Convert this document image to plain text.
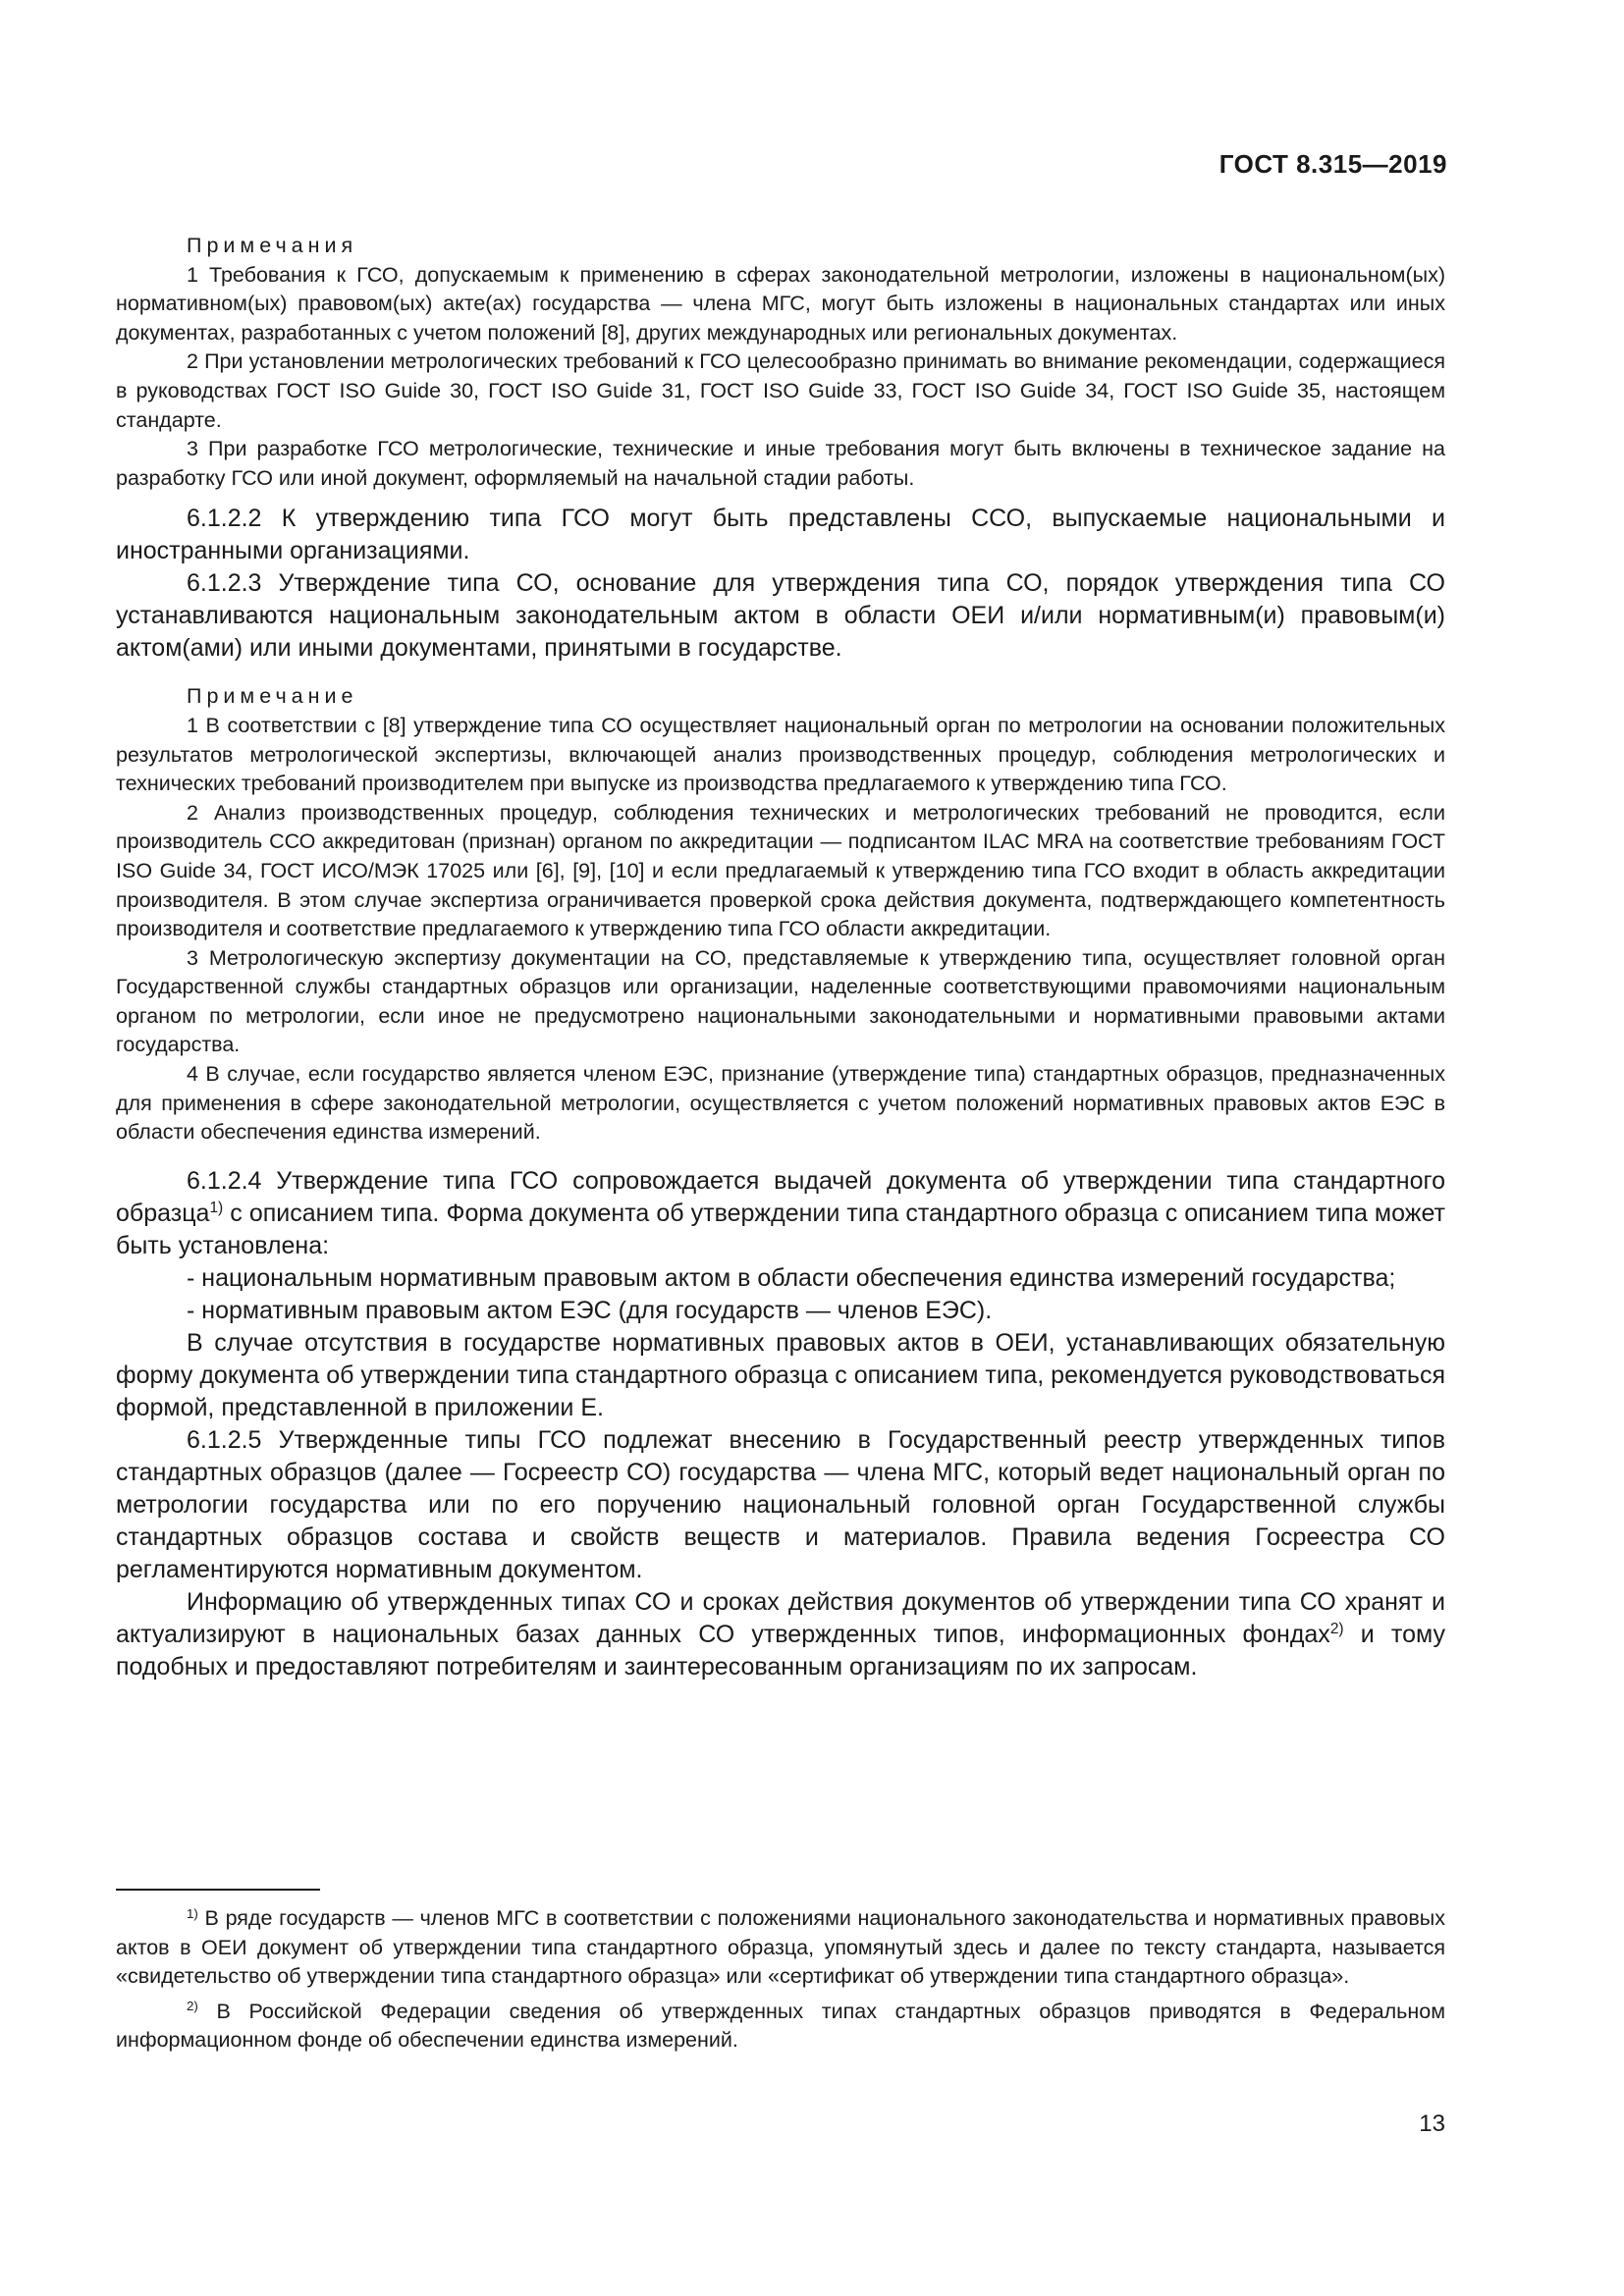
ГОСТ 8.315—2019
Примечания

1 Требования к ГСО, допускаемым к применению в сферах законодательной метрологии, изложены в национальном(ых) нормативном(ых) правовом(ых) акте(ах) государства — члена МГС, могут быть изложены в национальных стандартах или иных документах, разработанных с учетом положений [8], других международных или региональных документах.

2 При установлении метрологических требований к ГСО целесообразно принимать во внимание рекомендации, содержащиеся в руководствах ГОСТ ISO Guide 30, ГОСТ ISO Guide 31, ГОСТ ISO Guide 33, ГОСТ ISO Guide 34, ГОСТ ISO Guide 35, настоящем стандарте.

3 При разработке ГСО метрологические, технические и иные требования могут быть включены в техническое задание на разработку ГСО или иной документ, оформляемый на начальной стадии работы.

6.1.2.2 К утверждению типа ГСО могут быть представлены ССО, выпускаемые национальными и иностранными организациями.

6.1.2.3 Утверждение типа СО, основание для утверждения типа СО, порядок утверждения типа СО устанавливаются национальным законодательным актом в области ОЕИ и/или нормативным(и) правовым(и) актом(ами) или иными документами, принятыми в государстве.

Примечание

1 В соответствии с [8] утверждение типа СО осуществляет национальный орган по метрологии на основании положительных результатов метрологической экспертизы, включающей анализ производственных процедур, соблюдения метрологических и технических требований производителем при выпуске из производства предлагаемого к утверждению типа ГСО.

2 Анализ производственных процедур, соблюдения технических и метрологических требований не проводится, если производитель ССО аккредитован (признан) органом по аккредитации — подписантом ILAC MRA на соответствие требованиям ГОСТ ISO Guide 34, ГОСТ ИСО/МЭК 17025 или [6], [9], [10] и если предлагаемый к утверждению типа ГСО входит в область аккредитации производителя. В этом случае экспертиза ограничивается проверкой срока действия документа, подтверждающего компетентность производителя и соответствие предлагаемого к утверждению типа ГСО области аккредитации.

3 Метрологическую экспертизу документации на СО, представляемые к утверждению типа, осуществляет головной орган Государственной службы стандартных образцов или организации, наделенные соответствующими правомочиями национальным органом по метрологии, если иное не предусмотрено национальными законодательными и нормативными правовыми актами государства.

4 В случае, если государство является членом ЕЭС, признание (утверждение типа) стандартных образцов, предназначенных для применения в сфере законодательной метрологии, осуществляется с учетом положений нормативных правовых актов ЕЭС в области обеспечения единства измерений.

6.1.2.4 Утверждение типа ГСО сопровождается выдачей документа об утверждении типа стандартного образца$^{1)}$ с описанием типа. Форма документа об утверждении типа стандартного образца с описанием типа может быть установлена:

- национальным нормативным правовым актом в области обеспечения единства измерений государства;

- нормативным правовым актом ЕЭС (для государств — членов ЕЭС).

В случае отсутствия в государстве нормативных правовых актов в ОЕИ, устанавливающих обязательную форму документа об утверждении типа стандартного образца с описанием типа, рекомендуется руководствоваться формой, представленной в приложении Е.

6.1.2.5 Утвержденные типы ГСО подлежат внесению в Государственный реестр утвержденных типов стандартных образцов (далее — Госреестр СО) государства — члена МГС, который ведет национальный орган по метрологии государства или по его поручению национальный головной орган Государственной службы стандартных образцов состава и свойств веществ и материалов. Правила ведения Госреестра СО регламентируются нормативным документом.

Информацию об утвержденных типах СО и сроках действия документов об утверждении типа СО хранят и актуализируют в национальных базах данных СО утвержденных типов, информационных фондах$^{2)}$ и тому подобных и предоставляют потребителям и заинтересованным организациям по их запросам.

$^{1)}$ В ряде государств — членов МГС в соответствии с положениями национального законодательства и нормативных правовых актов в ОЕИ документ об утверждении типа стандартного образца, упомянутый здесь и далее по тексту стандарта, называется «свидетельство об утверждении типа стандартного образца» или «сертификат об утверждении типа стандартного образца».

$^{2)}$ В Российской Федерации сведения об утвержденных типах стандартных образцов приводятся в Федеральном информационном фонде об обеспечении единства измерений.

13
